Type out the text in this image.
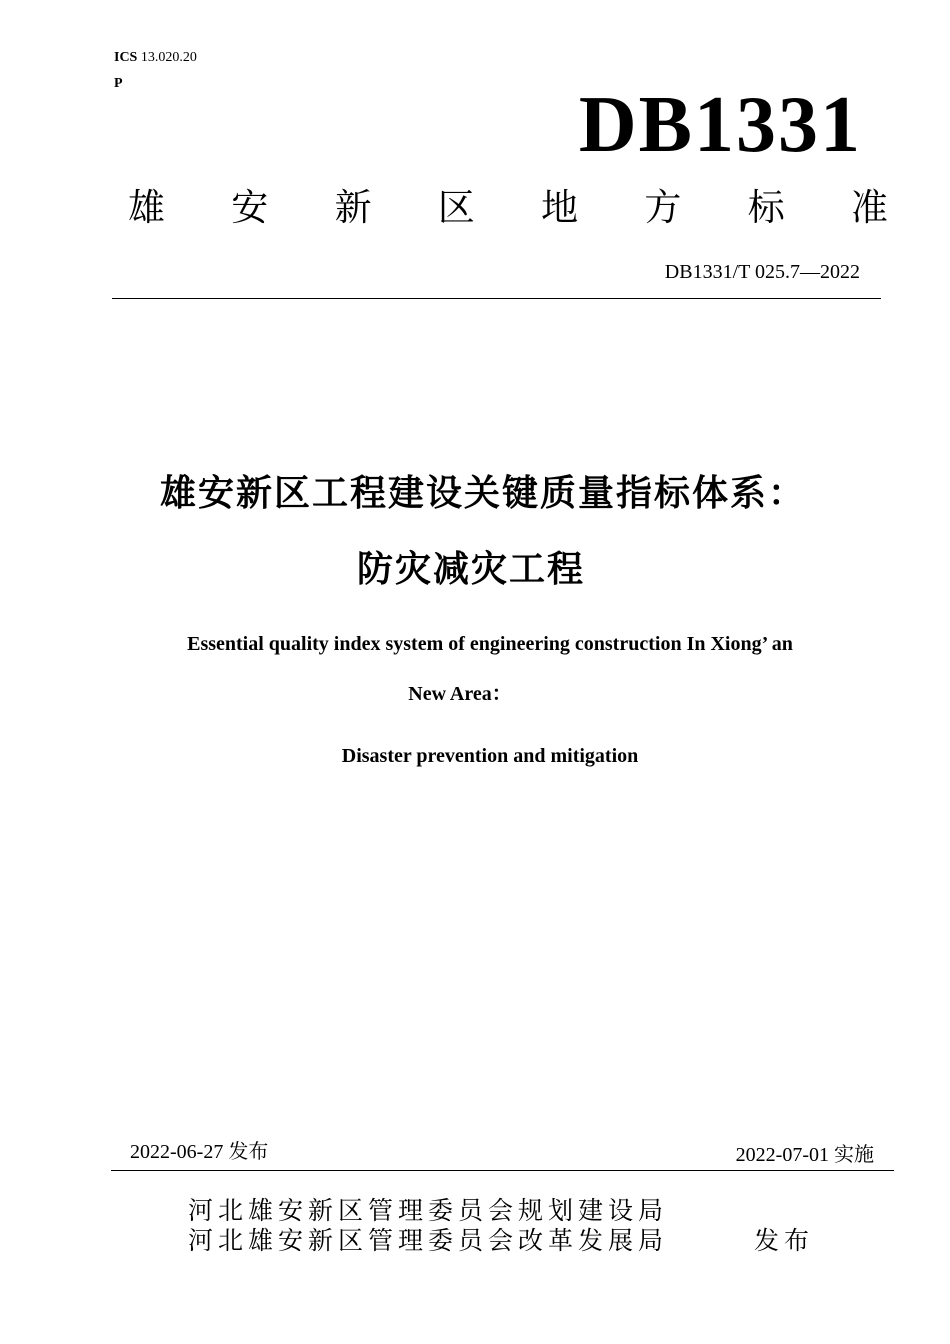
ICS 13.020.20
P	DB1331
雄 安 新 区 地 方 标 准
DB1331/T 025.7—2022
雄安新区工程建设关键质量指标体系：
防灾减灾工程
Essential quality index system of engineering construction In Xiong’ an
New Area：
Disaster prevention and mitigation
2022-06-27 发布	2022-07-01 实施
河北雄安新区管理委员会规划建设局
河北雄安新区管理委员会改革发展局	发布
